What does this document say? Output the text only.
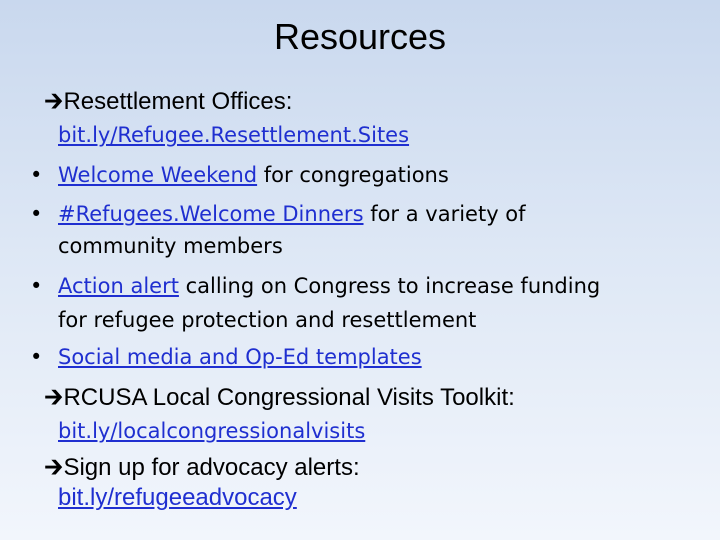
Resources
🡲Resettlement Offices:
bit.ly/Refugee.Resettlement.Sites
• Welcome Weekend for congregations
• #Refugees.Welcome Dinners for a variety of
community members
• Action alert calling on Congress to increase funding
for refugee protection and resettlement
• Social media and Op-Ed templates
🡲RCUSA Local Congressional Visits Toolkit:
bit.ly/localcongressionalvisits
🡲Sign up for advocacy alerts:
bit.ly/refugeeadvocacy
